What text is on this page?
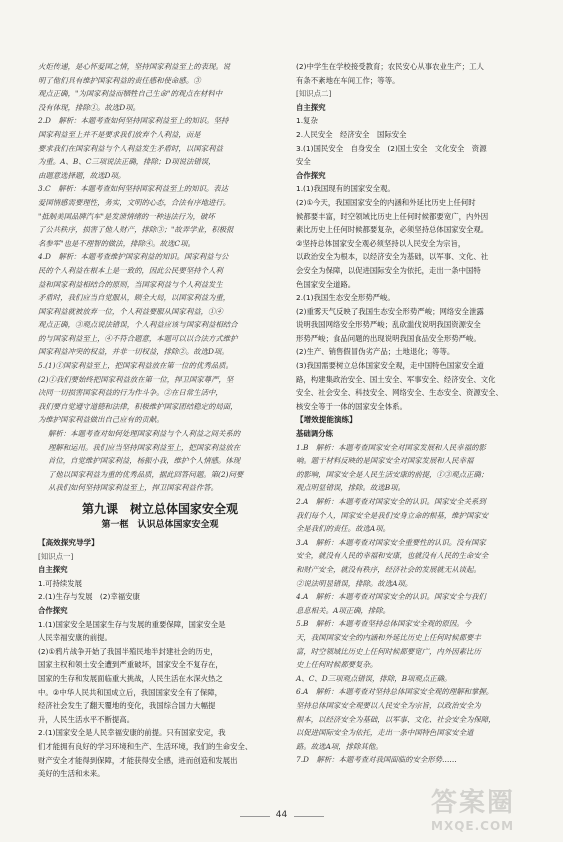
火炬传递，是心怀爱国之情，坚持国家利益至上的表现。说

明了他们具有维护国家利益的责任感和使命感。③

观点正确，"为国家利益而牺牲自己生命"的观点在材料中

没有体现，排除①。故选D项。

2.D　解析：本题考查如何坚持国家利益至上的知识。坚持

国家利益至上并不是要求我们放弃个人利益，而是

要求我们在国家利益与个人利益发生矛盾时，以国家利益

为重。A、B、C三项说法正确，排除；D项说法错误，

由题意选择题，故选D项。

3.C　解析：本题考查如何坚持国家利益至上的知识。表达

爱国情感需要理性，务实，文明的心态，合法有序地进行。

"抵制美国品牌汽车"是发泄情绪的一种违法行为，破坏

了公共秩序，损害了他人财产，排除③；"故弄学业，积极报

名参军"也是不理智的做法，排除④。故选C项。

4.D　解析：本题考查维护国家利益的知识。国家利益与公

民的个人利益在根本上是一致的，因此公民要坚持个人利

益和国家利益相结合的原则，当国家利益与个人利益发生

矛盾时，我们应当自觉服从，顾全大局，以国家利益为重，

国家利益就被放弃一位，个人利益要服从国家利益，①④

观点正确，③观点说法错误，个人利益应该与国家利益相结合

的与国家利益至上，④不符合题意，本题可以以合法方式维护

国家利益冲突的权益，并非一切权益，排除②。故选D项。

5.(1)①国家利益至上，把国家利益放在第一位的优秀品质。

(2)①我们要始终把国家利益放在第一位，捍卫国家尊严，坚

决同一切损害国家利益的行为作斗争。②在日常生活中，

我们要自觉遵守道德和法律，积极维护国家团结稳定的局面，

为维护国家利益做出自己应有的贡献。

解析：本题考查对如何处理国家利益与个人利益之间关系的

理解和运用。我们应当坚持国家利益至上，把国家利益放在

首位，自觉维护国家利益，杨振小我，维护个人情感。体现

了他以国家利益为重的优秀品质，据此回答问题。第(2)问要

从我们如何坚持国家利益至上，捍卫国家利益作答。

第九课　树立总体国家安全观
第一框　认识总体国家安全观
【高效探究导学】
[知识点一]
自主探究

1.可持续发展

2.(1)生存与发展　(2)幸福安康

合作探究

1.(1)国家安全是国家生存与发展的重要保障，国家安全是

人民幸福安康的前提。

(2)①鸦片战争开始了我国半殖民地半封建社会的历史，

国家主权和领土安全遭到严重破坏，国家安全不复存在，

国家的生存和发展面临重大挑战，人民生活在水深火热之

中。②中华人民共和国成立后，我国国家安全有了保障，

经济社会发生了翻天覆地的变化，我国综合国力大幅提

升，人民生活水平不断提高。

2.(1)国家安全是人民幸福安康的前提。只有国家安定，我

们才能拥有良好的学习环境和生产、生活环境，我们的生命安全、

财产安全才能得到保障，才能获得安全感，进而创造和发展出

美好的生活和未来。

(2)中学生在学校接受教育；农民安心从事农业生产；工人

有条不紊地在车间工作；等等。

[知识点二]
自主探究

1.复杂

2.人民安全　经济安全　国际安全

3.(1)国民安全　自身安全　(2)国土安全　文化安全　资源

安全

合作探究

1.(1)我国现有的国家安全观。

(2)①今天，我国国家安全的内涵和外延比历史上任何时

候都要丰富，时空领域比历史上任何时候都要宽广，内外因

素比历史上任何时候都要复杂，必须坚持总体国家安全观。

②坚持总体国家安全观必须坚持以人民安全为宗旨，

以政治安全为根本，以经济安全为基础，以军事、文化、社

会安全为保障，以促进国际安全为依托，走出一条中国特

色国家安全道路。

2.(1)我国生态安全形势严峻。

(2)重雾天气反映了我国生态安全形势严峻；网络安全泄露

说明我国网络安全形势严峻；乱砍滥伐说明我国资源安全

形势严峻；食品问题的出现说明我国食品安全形势严峻。

(2)生产、销售假冒伪劣产品；土地退化；等等。

(3)我国需要树立总体国家安全观，走中国特色国家安全道

路，构建集政治安全、国土安全、军事安全、经济安全、文化

安全、社会安全、科技安全、网络安全、生态安全、资源安全、

核安全等于一体的国家安全体系。

【增效提能演练】
基础调分练

1.B　解析：本题考查国家安全对国家发展和人民幸福的影

响。题干材料反映的是国家安全对国家发展和人民幸福

的影响，国家安全是人民生活安康的前提，①③观点正确；

观点明显错误，排除。故选B项。

2.A　解析：本题考查对国家安全的认识。国家安全关系到

我们每个人，国家安全是我们安身立命的根基，维护国家安

全是我们的责任。故选A项。

3.A　解析：本题考查对国家安全重要性的认识。没有国家

安全，就没有人民的幸福和安康，也就没有人民的生命安全

和财产安全，就没有秩序，经济社会的发展就无从谈起。

②说法明显错误，排除。故选A项。

4.A　解析：本题考查对国家安全的认识。国家安全与我们

息息相关。A项正确，排除。

5.B　解析：本题考查坚持总体国家安全观的原因。今

天，我国国家安全的内涵和外延比历史上任何时候都要丰

富，时空领域比历史上任何时候都要宽广，内外因素比历

史上任何时候都要复杂。

A、C、D三项观点错误，排除，B项观点正确。

6.A　解析：本题考查对坚持总体国家安全观的理解和掌握。

坚持总体国家安全观要以人民安全为宗旨，以政治安全为

根本，以经济安全为基础，以军事、文化、社会安全为保障，

以促进国际安全为依托，走出一条中国特色国家安全道

路。故选A项，排除其他。

7.D　解析：本题考查对我国面临的安全形势……

44	答案圈
MXQE.COM
